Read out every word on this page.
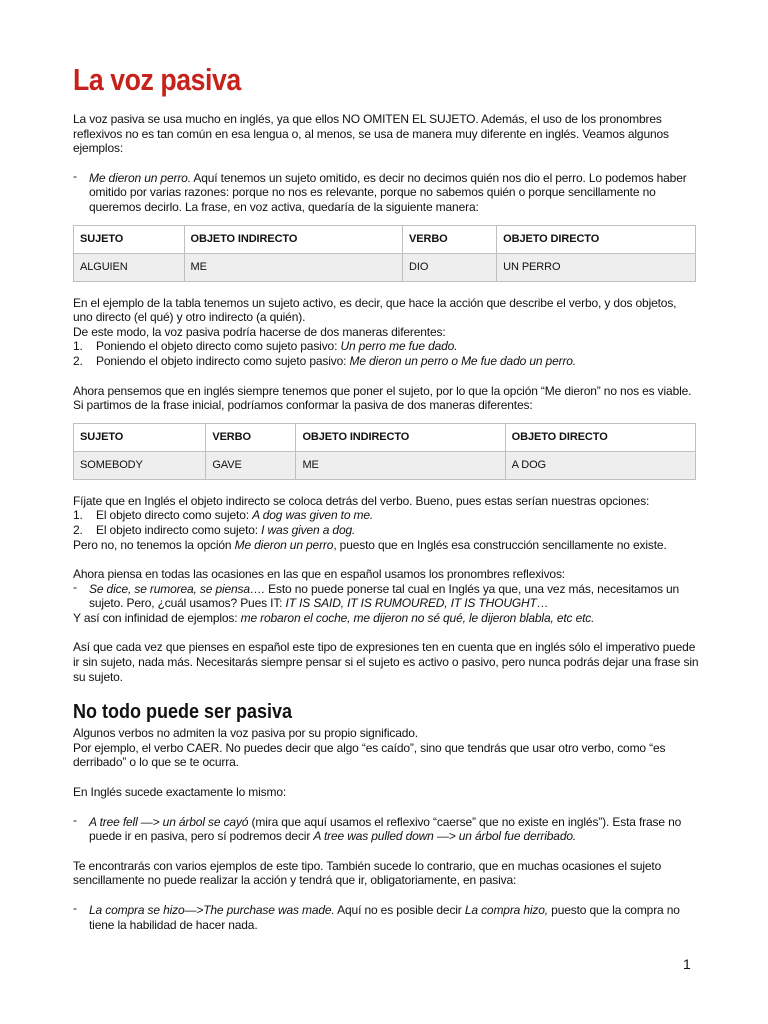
La voz pasiva

La voz pasiva se usa mucho en inglés, ya que ellos NO OMITEN EL SUJETO. Además, el uso de los pronombres reflexivos no es tan común en esa lengua o, al menos, se usa de manera muy diferente en inglés. Veamos algunos ejemplos:

- Me dieron un perro. Aquí tenemos un sujeto omitido, es decir no decimos quién nos dio el perro. Lo podemos haber omitido por varias razones: porque no nos es relevante, porque no sabemos quién o porque sencillamente no queremos decirlo. La frase, en voz activa, quedaría de la siguiente manera:
SUJETO	OBJETO INDIRECTO	VERBO	OBJETO DIRECTO
ALGUIEN	ME	DIO	UN PERRO

En el ejemplo de la tabla tenemos un sujeto activo, es decir, que hace la acción que describe el verbo, y dos objetos, uno directo (el qué) y otro indirecto (a quién).

De este modo, la voz pasiva podría hacerse de dos maneras diferentes:

1. Poniendo el objeto directo como sujeto pasivo: Un perro me fue dado.
2. Poniendo el objeto indirecto como sujeto pasivo: Me dieron un perro o Me fue dado un perro.

Ahora pensemos que en inglés siempre tenemos que poner el sujeto, por lo que la opción “Me dieron” no nos es viable. Si partimos de la frase inicial, podríamos conformar la pasiva de dos maneras diferentes:

SUJETO	VERBO	OBJETO INDIRECTO	OBJETO DIRECTO
SOMEBODY	GAVE	ME	A DOG

Fíjate que en Inglés el objeto indirecto se coloca detrás del verbo. Bueno, pues estas serían nuestras opciones:

1. El objeto directo como sujeto: A dog was given to me.
2. El objeto indirecto como sujeto: I was given a dog.

Pero no, no tenemos la opción Me dieron un perro, puesto que en Inglés esa construcción sencillamente no existe.

Ahora piensa en todas las ocasiones en las que en español usamos los pronombres reflexivos:

- Se dice, se rumorea, se piensa…. Esto no puede ponerse tal cual en Inglés ya que, una vez más, necesitamos un sujeto. Pero, ¿cuál usamos? Pues IT: IT IS SAID, IT IS RUMOURED, IT IS THOUGHT…

Y así con infinidad de ejemplos: me robaron el coche, me dijeron no sé qué, le dijeron blabla, etc etc.

Así que cada vez que pienses en español este tipo de expresiones ten en cuenta que en inglés sólo el imperativo puede ir sin sujeto, nada más. Necesitarás siempre pensar si el sujeto es activo o pasivo, pero nunca podrás dejar una frase sin su sujeto.

No todo puede ser pasiva

Algunos verbos no admiten la voz pasiva por su propio significado.

Por ejemplo, el verbo CAER. No puedes decir que algo “es caído”, sino que tendrás que usar otro verbo, como “es derribado” o lo que se te ocurra.

En Inglés sucede exactamente lo mismo:

- A tree fell —> un árbol se cayó (mira que aquí usamos el reflexivo “caerse” que no existe en inglés”). Esta frase no puede ir en pasiva, pero sí podremos decir A tree was pulled down —> un árbol fue derribado.

Te encontrarás con varios ejemplos de este tipo. También sucede lo contrario, que en muchas ocasiones el sujeto sencillamente no puede realizar la acción y tendrá que ir, obligatoriamente, en pasiva:

- La compra se hizo—>The purchase was made. Aquí no es posible decir La compra hizo, puesto que la compra no tiene la habilidad de hacer nada.
1
